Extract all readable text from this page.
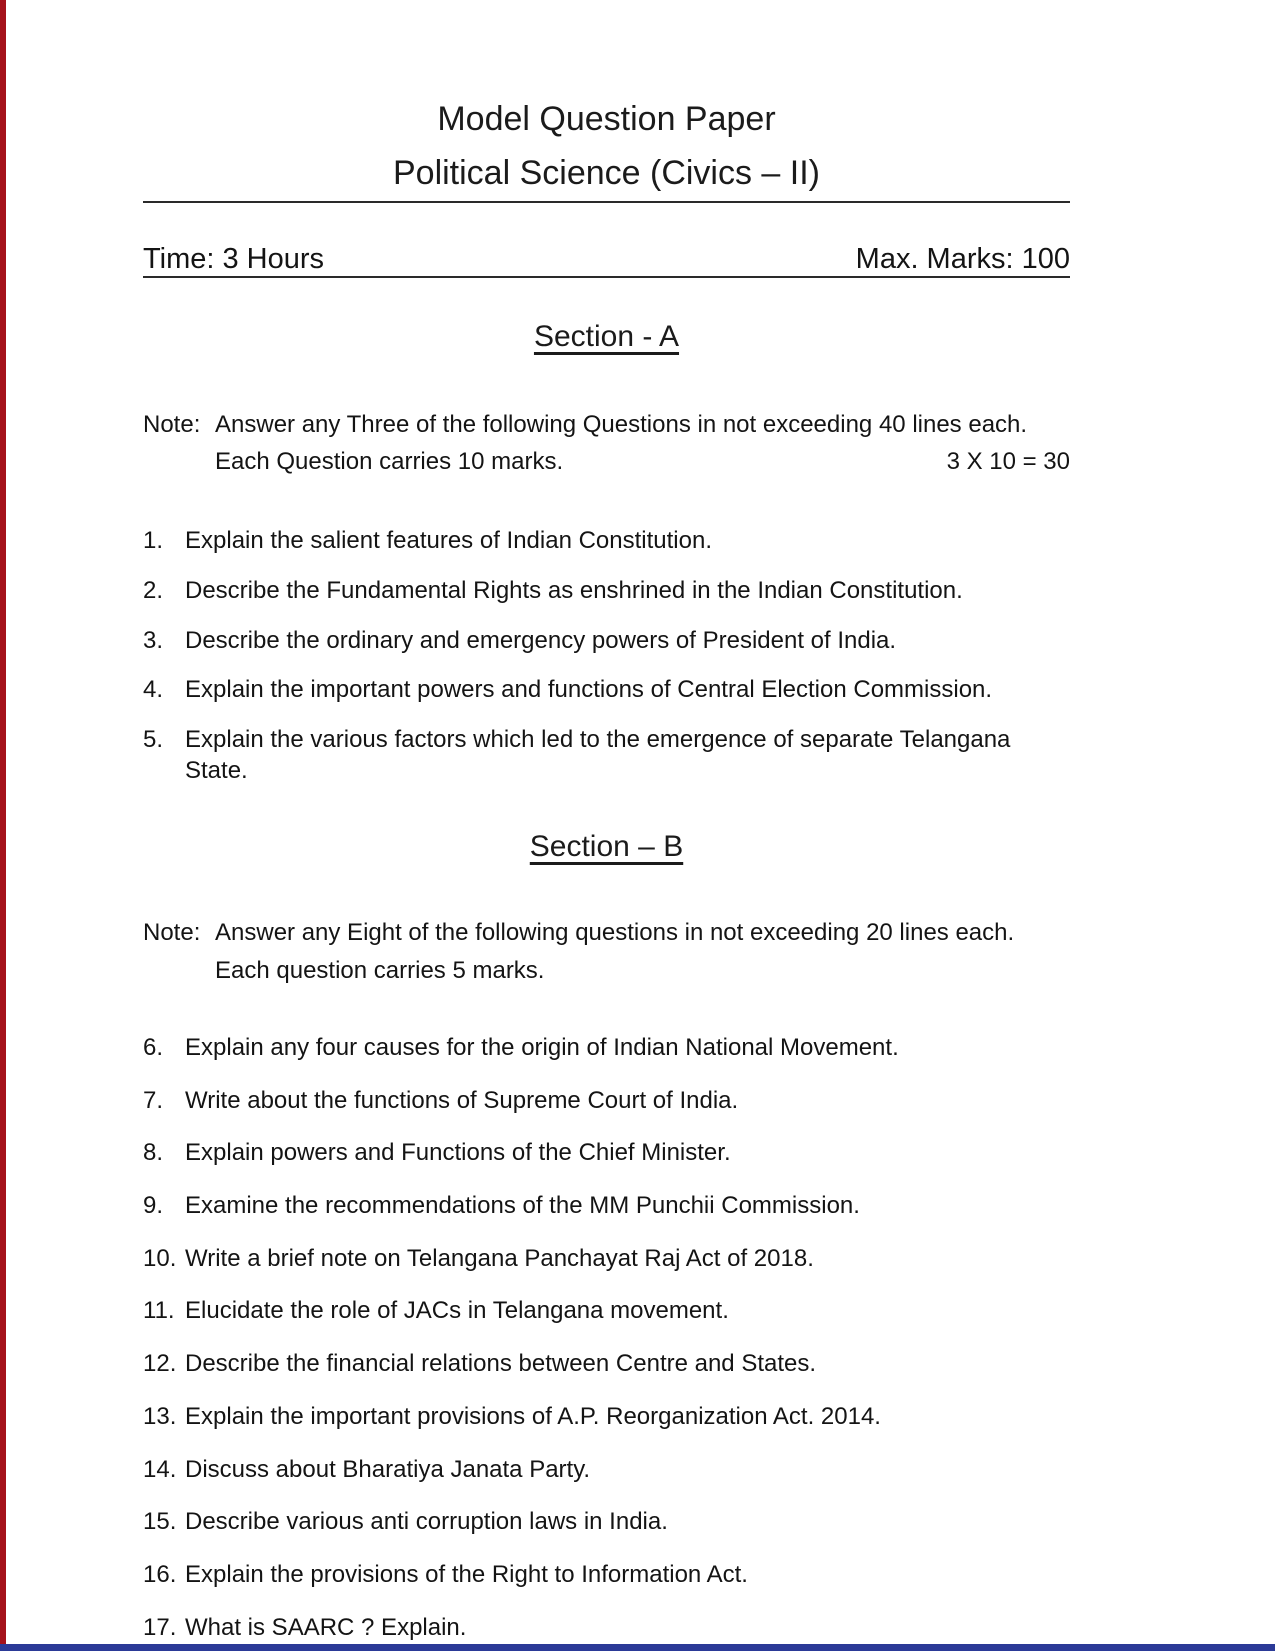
Model Question Paper
Political Science (Civics – II)
Time: 3 Hours	Max. Marks: 100
Section - A
Note: Answer any Three of the following Questions in not exceeding 40 lines each.
Each Question carries 10 marks.	3 X 10 = 30
1. Explain the salient features of Indian Constitution.
2. Describe the Fundamental Rights as enshrined in the Indian Constitution.
3. Describe the ordinary and emergency powers of President of India.
4. Explain the important powers and functions of Central Election Commission.
5. Explain the various factors which led to the emergence of separate Telangana State.
Section – B
Note: Answer any Eight of the following questions in not exceeding 20 lines each.
Each question carries 5 marks.
6. Explain any four causes for the origin of Indian National Movement.
7. Write about the functions of Supreme Court of India.
8. Explain powers and Functions of the Chief Minister.
9. Examine the recommendations of the MM Punchii Commission.
10. Write a brief note on Telangana Panchayat Raj Act of 2018.
11. Elucidate the role of JACs in Telangana movement.
12. Describe the financial relations between Centre and States.
13. Explain the important provisions of A.P. Reorganization Act. 2014.
14. Discuss about Bharatiya Janata Party.
15. Describe various anti corruption laws in India.
16. Explain the provisions of the Right to Information Act.
17. What is SAARC ? Explain.
